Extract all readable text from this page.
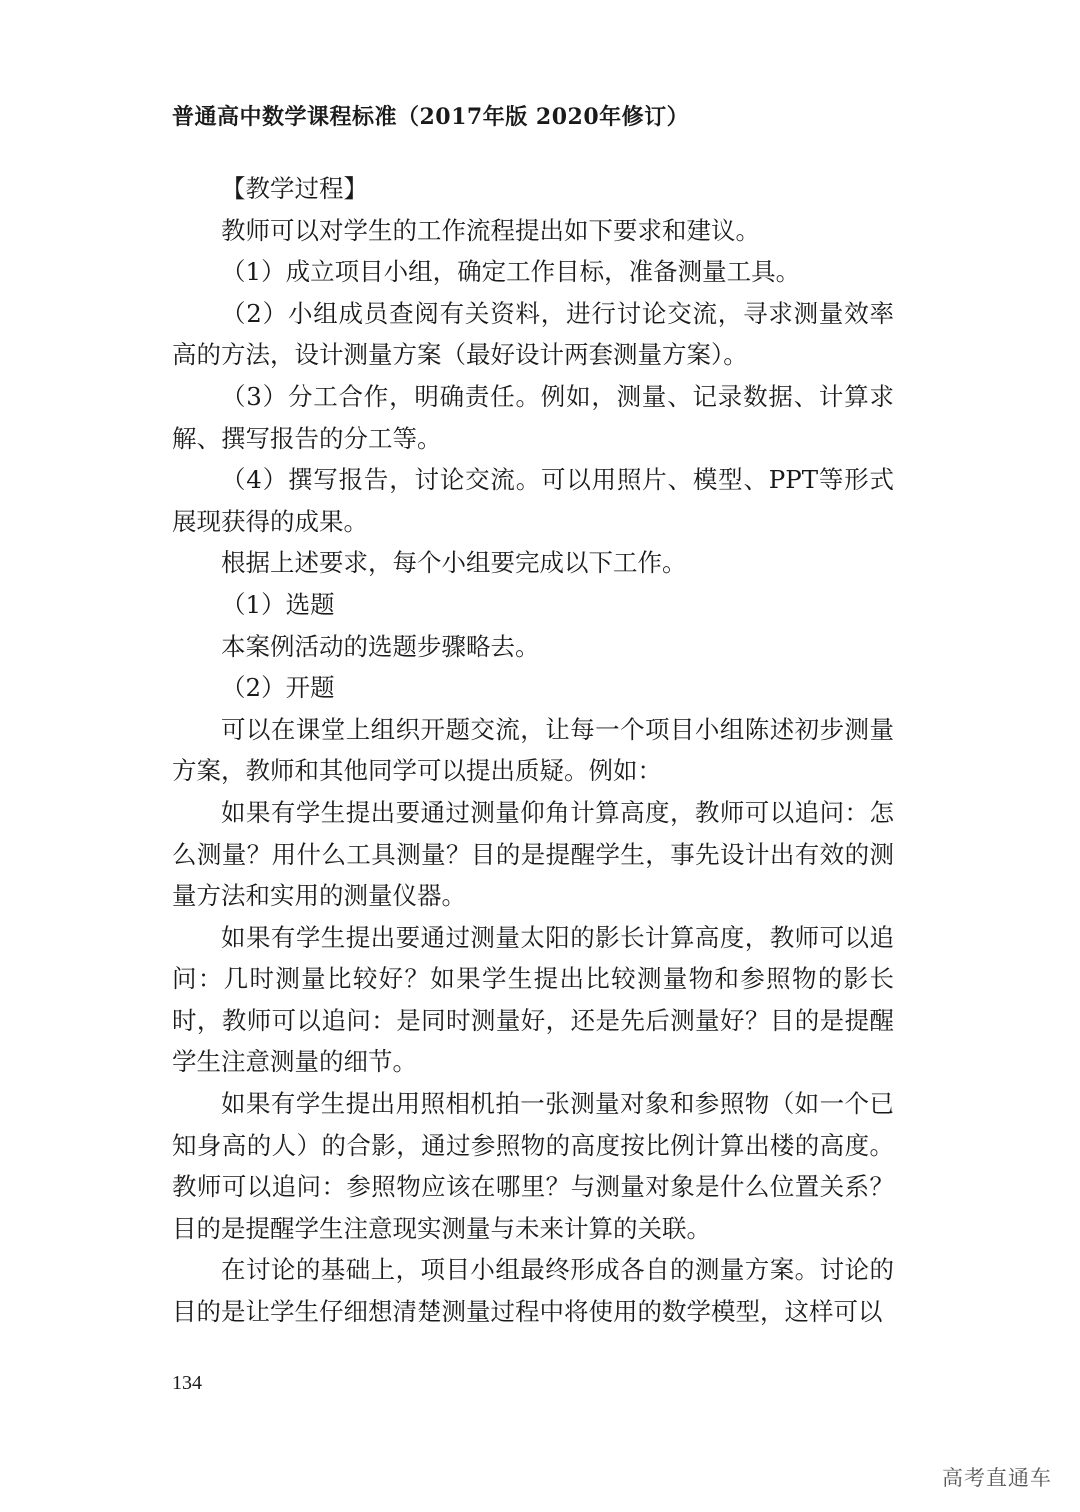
普通高中数学课程标准（2017年版 2020年修订）

【教学过程】

教师可以对学生的工作流程提出如下要求和建议。

（1）成立项目小组，确定工作目标，准备测量工具。

（2）小组成员查阅有关资料，进行讨论交流，寻求测量效率高的方法，设计测量方案（最好设计两套测量方案）。

（3）分工合作，明确责任。例如，测量、记录数据、计算求解、撰写报告的分工等。

（4）撰写报告，讨论交流。可以用照片、模型、PPT等形式展现获得的成果。

根据上述要求，每个小组要完成以下工作。

（1）选题

本案例活动的选题步骤略去。

（2）开题

可以在课堂上组织开题交流，让每一个项目小组陈述初步测量方案，教师和其他同学可以提出质疑。例如：

如果有学生提出要通过测量仰角计算高度，教师可以追问：怎么测量？用什么工具测量？目的是提醒学生，事先设计出有效的测量方法和实用的测量仪器。

如果有学生提出要通过测量太阳的影长计算高度，教师可以追问：几时测量比较好？如果学生提出比较测量物和参照物的影长时，教师可以追问：是同时测量好，还是先后测量好？目的是提醒学生注意测量的细节。

如果有学生提出用照相机拍一张测量对象和参照物（如一个已知身高的人）的合影，通过参照物的高度按比例计算出楼的高度。教师可以追问：参照物应该在哪里？与测量对象是什么位置关系？目的是提醒学生注意现实测量与未来计算的关联。

在讨论的基础上，项目小组最终形成各自的测量方案。讨论的目的是让学生仔细想清楚测量过程中将使用的数学模型，这样可以

134
高考直通车
